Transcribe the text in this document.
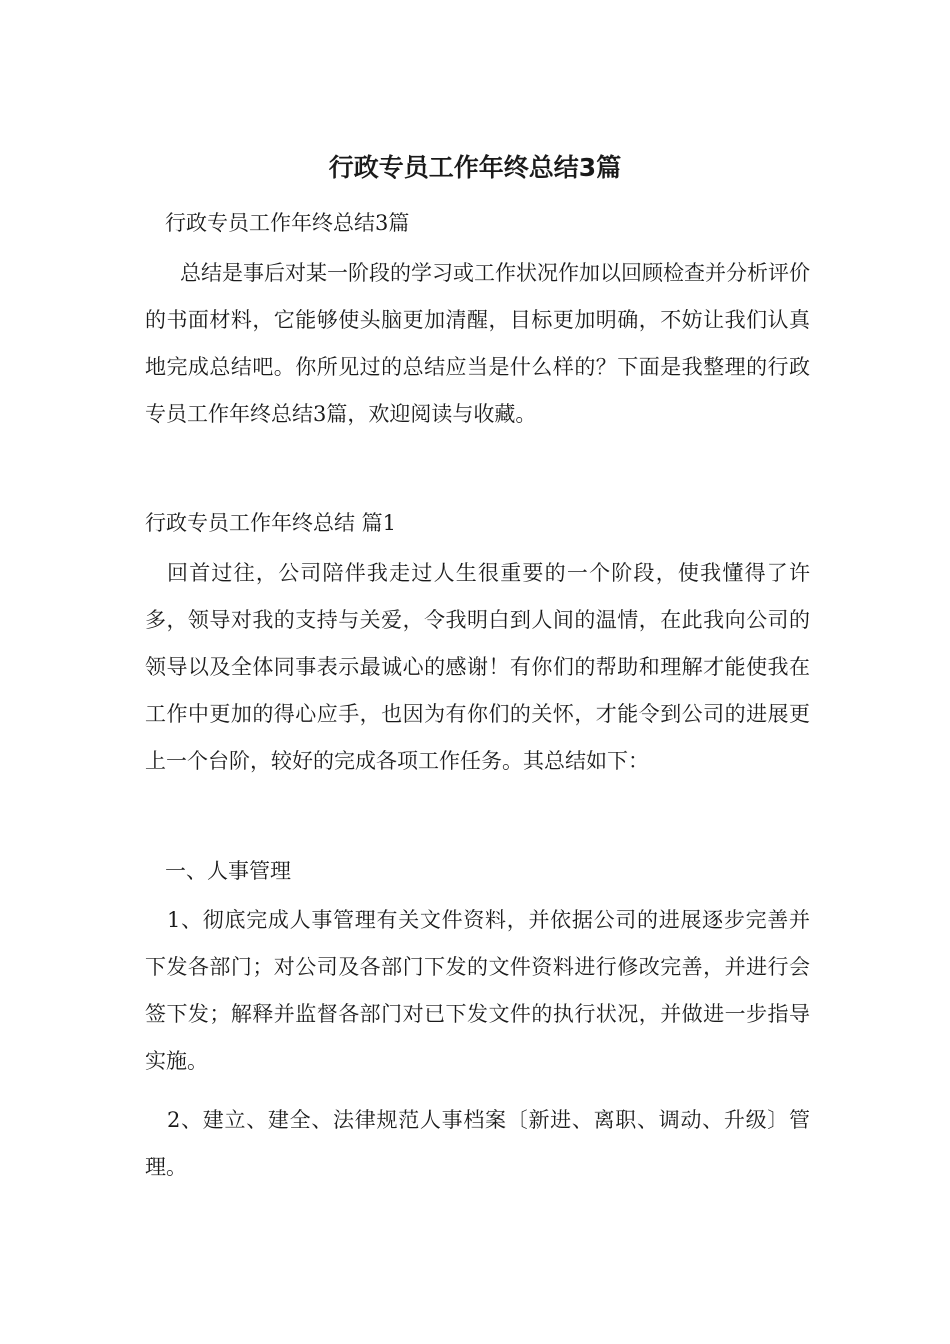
行政专员工作年终总结3篇

行政专员工作年终总结3篇

总结是事后对某一阶段的学习或工作状况作加以回顾检查并分析评价的书面材料，它能够使头脑更加清醒，目标更加明确，不妨让我们认真地完成总结吧。你所见过的总结应当是什么样的？下面是我整理的行政专员工作年终总结3篇，欢迎阅读与收藏。

行政专员工作年终总结 篇1

回首过往，公司陪伴我走过人生很重要的一个阶段，使我懂得了许多，领导对我的支持与关爱，令我明白到人间的温情，在此我向公司的领导以及全体同事表示最诚心的感谢！有你们的帮助和理解才能使我在工作中更加的得心应手，也因为有你们的关怀，才能令到公司的进展更上一个台阶，较好的完成各项工作任务。其总结如下：

一、人事管理

1、彻底完成人事管理有关文件资料，并依据公司的进展逐步完善并下发各部门；对公司及各部门下发的文件资料进行修改完善，并进行会签下发；解释并监督各部门对已下发文件的执行状况，并做进一步指导实施。

2、建立、建全、法律规范人事档案〔新进、离职、调动、升级〕管理。
